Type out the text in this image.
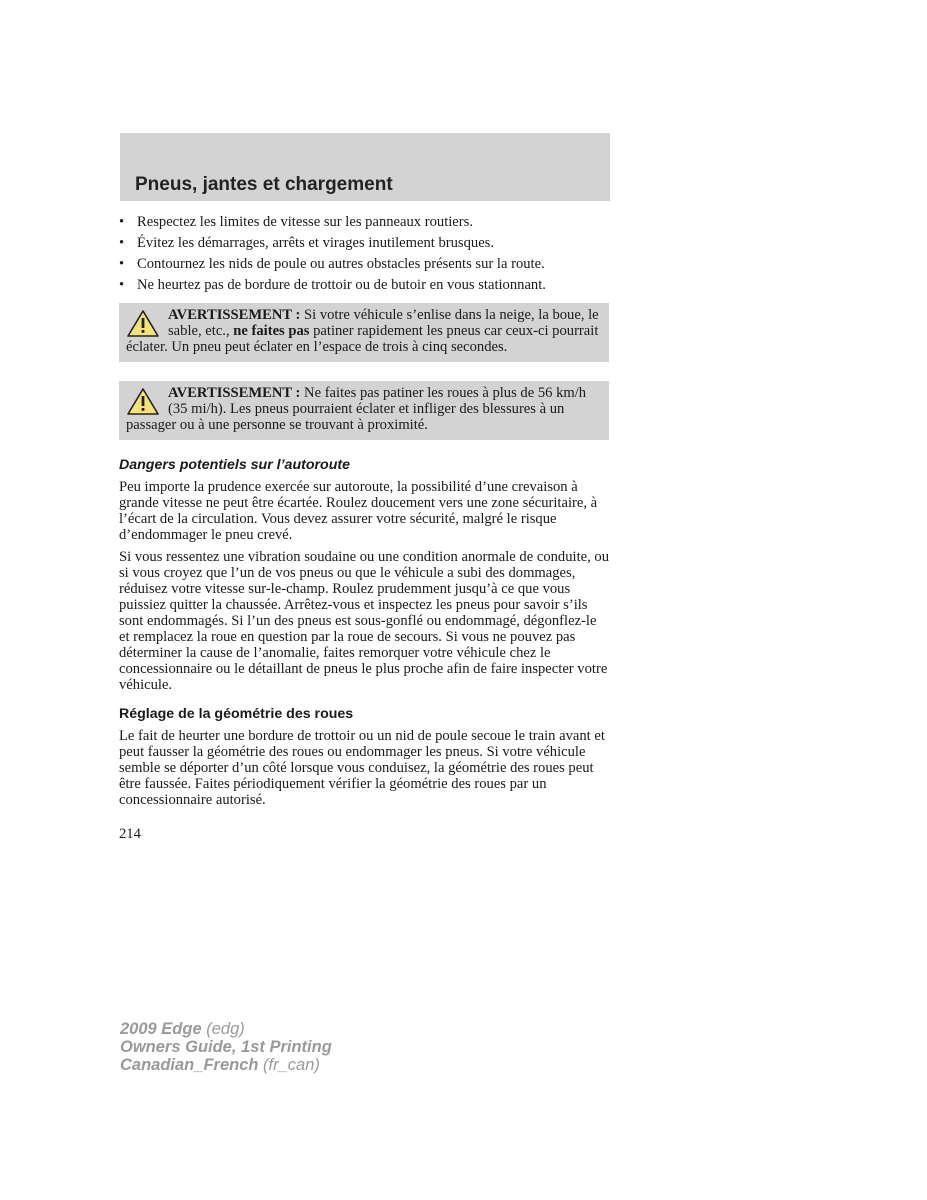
Pneus, jantes et chargement
• Respectez les limites de vitesse sur les panneaux routiers.
• Évitez les démarrages, arrêts et virages inutilement brusques.
• Contournez les nids de poule ou autres obstacles présents sur la route.
• Ne heurtez pas de bordure de trottoir ou de butoir en vous stationnant.
AVERTISSEMENT : Si votre véhicule s’enlise dans la neige, la boue, le sable, etc., ne faites pas patiner rapidement les pneus car ceux-ci pourrait éclater. Un pneu peut éclater en l’espace de trois à cinq secondes.
AVERTISSEMENT : Ne faites pas patiner les roues à plus de 56 km/h (35 mi/h). Les pneus pourraient éclater et infliger des blessures à un passager ou à une personne se trouvant à proximité.
Dangers potentiels sur l’autoroute

Peu importe la prudence exercée sur autoroute, la possibilité d’une crevaison à grande vitesse ne peut être écartée. Roulez doucement vers une zone sécuritaire, à l’écart de la circulation. Vous devez assurer votre sécurité, malgré le risque d’endommager le pneu crevé.

Si vous ressentez une vibration soudaine ou une condition anormale de conduite, ou si vous croyez que l’un de vos pneus ou que le véhicule a subi des dommages, réduisez votre vitesse sur-le-champ. Roulez prudemment jusqu’à ce que vous puissiez quitter la chaussée. Arrêtez-vous et inspectez les pneus pour savoir s’ils sont endommagés. Si l’un des pneus est sous-gonflé ou endommagé, dégonflez-le et remplacez la roue en question par la roue de secours. Si vous ne pouvez pas déterminer la cause de l’anomalie, faites remorquer votre véhicule chez le concessionnaire ou le détaillant de pneus le plus proche afin de faire inspecter votre véhicule.

Réglage de la géométrie des roues

Le fait de heurter une bordure de trottoir ou un nid de poule secoue le train avant et peut fausser la géométrie des roues ou endommager les pneus. Si votre véhicule semble se déporter d’un côté lorsque vous conduisez, la géométrie des roues peut être faussée. Faites périodiquement vérifier la géométrie des roues par un concessionnaire autorisé.

214
2009 Edge (edg)
Owners Guide, 1st Printing
Canadian_French (fr_can)
